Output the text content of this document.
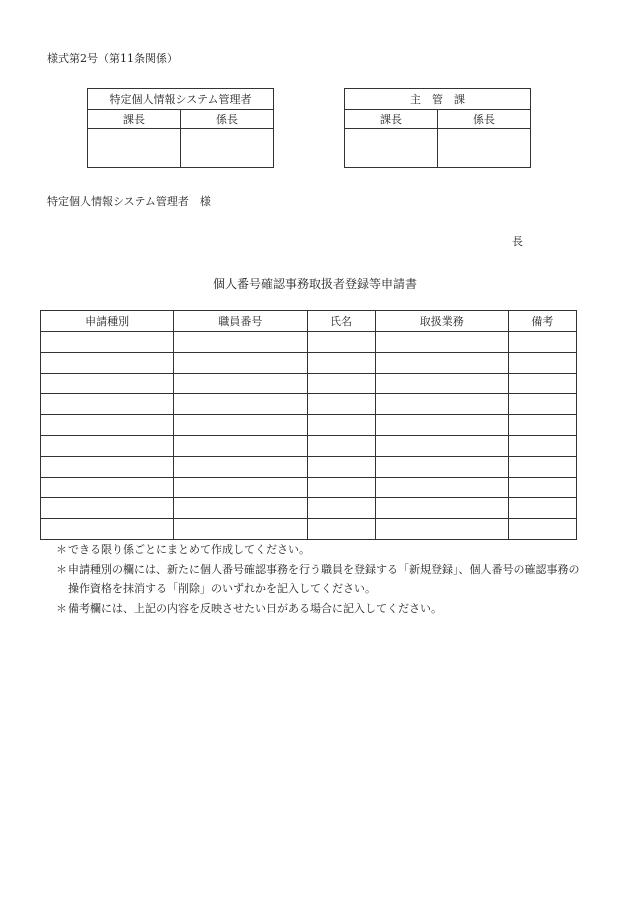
様式第2号（第11条関係）
特定個人情報システム管理者	
課長	係長

主　管　課	
課長	係長

特定個人情報システム管理者　様
長
個人番号確認事務取扱者登録等申請書
申請種別	職員番号	氏名	取扱業務	備考

＊ できる限り係ごとにまとめて作成してください。
＊ 申請種別の欄には、新たに個人番号確認事務を行う職員を登録する「新規登録」、個人番号の確認事務の操作資格を抹消する「削除」のいずれかを記入してください。
＊ 備考欄には、上記の内容を反映させたい日がある場合に記入してください。
